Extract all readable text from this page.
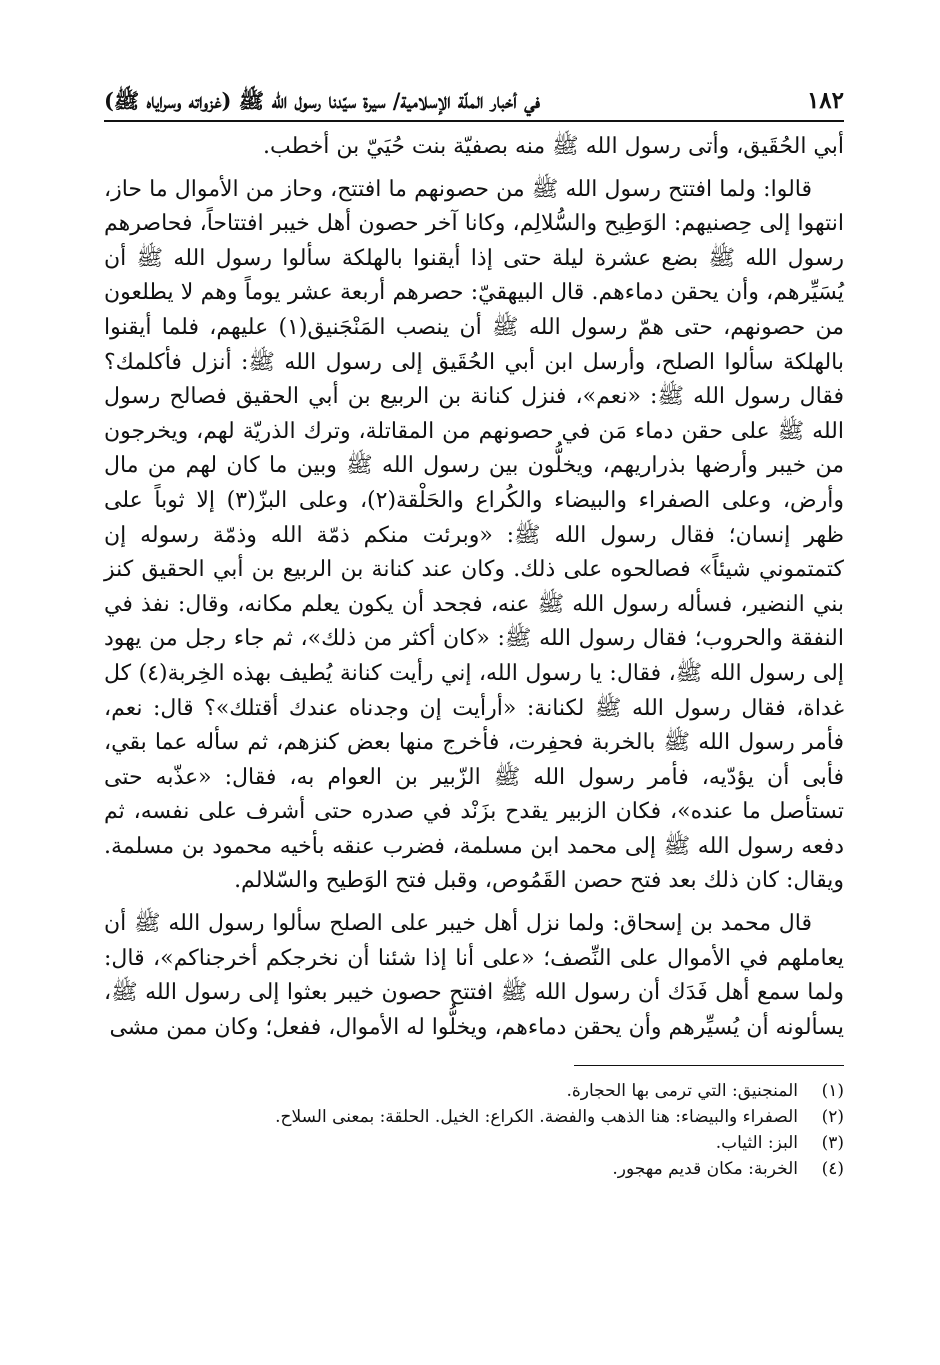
١٨٢
في أخبار الملّة الإسلامية/ سيرة سيّدنا رسول الله ﷺ (غزواته وسراياه ﷺ)

أبي الحُقَيق، وأتى رسول الله ﷺ منه بصفيّة بنت حُيَيّ بن أخطب.

قالوا: ولما افتتح رسول الله ﷺ من حصونهم ما افتتح، وحاز من الأموال ما حاز، انتهوا إلى حِصنيهم: الوَطِيح والسُّلالِم، وكانا آخر حصون أهل خيبر افتتاحاً، فحاصرهم رسول الله ﷺ بضع عشرة ليلة حتى إذا أيقنوا بالهلكة سألوا رسول الله ﷺ أن يُسَيِّرهم، وأن يحقن دماءهم. قال البيهقيّ: حصرهم أربعة عشر يوماً وهم لا يطلعون من حصونهم، حتى همّ رسول الله ﷺ أن ينصب المَنْجَنيق(١) عليهم، فلما أيقنوا بالهلكة سألوا الصلح، وأرسل ابن أبي الحُقَيق إلى رسول الله ﷺ: أنزل فأكلمك؟ فقال رسول الله ﷺ: «نعم»، فنزل كنانة بن الربيع بن أبي الحقيق فصالح رسول الله ﷺ على حقن دماء مَن في حصونهم من المقاتلة، وترك الذريّة لهم، ويخرجون من خيبر وأرضها بذراريهم، ويخلُّون بين رسول الله ﷺ وبين ما كان لهم من مال وأرض، وعلى الصفراء والبيضاء والكُراع والحَلْقة(٢)، وعلى البزّ(٣) إلا ثوباً على ظهر إنسان؛ فقال رسول الله ﷺ: «وبرئت منكم ذمّة الله وذمّة رسوله إن كتمتموني شيئاً» فصالحوه على ذلك. وكان عند كنانة بن الربيع بن أبي الحقيق كنز بني النضير، فسأله رسول الله ﷺ عنه، فجحد أن يكون يعلم مكانه، وقال: نفذ في النفقة والحروب؛ فقال رسول الله ﷺ: «كان أكثر من ذلك»، ثم جاء رجل من يهود إلى رسول الله ﷺ، فقال: يا رسول الله، إني رأيت كنانة يُطيف بهذه الخِربة(٤) كل غداة، فقال رسول الله ﷺ لكنانة: «أرأيت إن وجدناه عندك أقتلك»؟ قال: نعم، فأمر رسول الله ﷺ بالخربة فحفِرت، فأخرج منها بعض كنزهم، ثم سأله عما بقي، فأبى أن يؤدّيه، فأمر رسول الله ﷺ الزّبير بن العوام به، فقال: «عذّبه حتى تستأصل ما عنده»، فكان الزبير يقدح بزَنْد في صدره حتى أشرف على نفسه، ثم دفعه رسول الله ﷺ إلى محمد ابن مسلمة، فضرب عنقه بأخيه محمود بن مسلمة. ويقال: كان ذلك بعد فتح حصن القَمُوص، وقبل فتح الوَطيح والسّلالم.

قال محمد بن إسحاق: ولما نزل أهل خيبر على الصلح سألوا رسول الله ﷺ أن يعاملهم في الأموال على النِّصف؛ «على أنا إذا شئنا أن نخرجكم أخرجناكم»، قال: ولما سمع أهل فَدَك أن رسول الله ﷺ افتتح حصون خيبر بعثوا إلى رسول الله ﷺ، يسألونه أن يُسيِّرهم وأن يحقن دماءهم، ويخلُّوا له الأموال، ففعل؛ وكان ممن مشى

(١)
المنجنيق: التي ترمى بها الحجارة.
(٢)
الصفراء والبيضاء: هنا الذهب والفضة. الكراع: الخيل. الحلقة: بمعنى السلاح.
(٣)
البز: الثياب.
(٤)
الخربة: مكان قديم مهجور.
